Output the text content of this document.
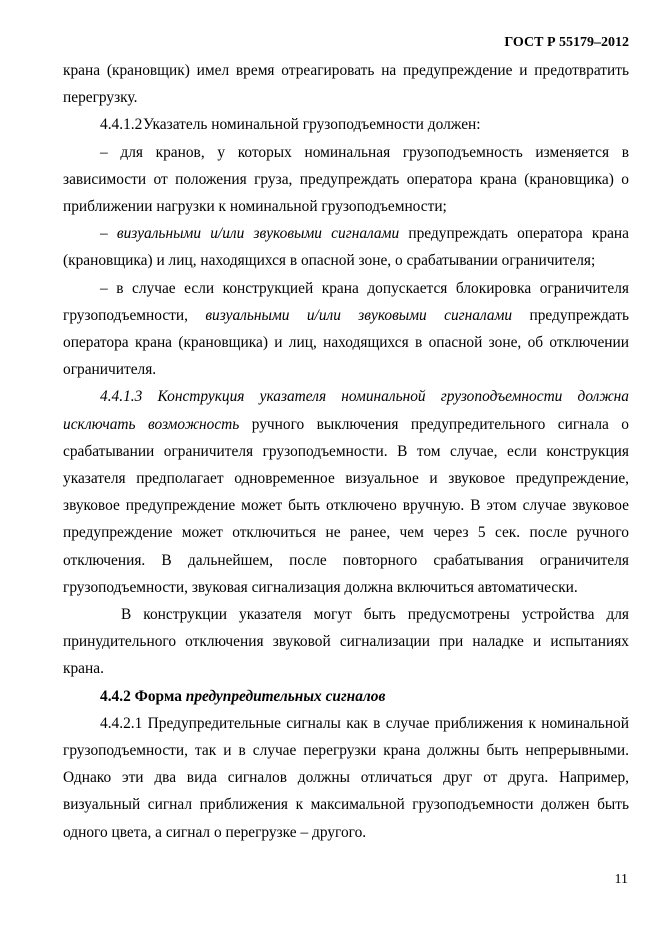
ГОСТ Р 55179–2012

крана (крановщик) имел время отреагировать на предупреждение и предотвратить перегрузку.

4.4.1.2Указатель номинальной грузоподъемности должен:

– для кранов, у которых номинальная грузоподъемность изменяется в зависимости от положения груза, предупреждать оператора крана (крановщика) о приближении нагрузки к номинальной грузоподъемности;

– визуальными и/или звуковыми сигналами предупреждать оператора крана (крановщика) и лиц, находящихся в опасной зоне, о срабатывании ограничителя;

– в случае если конструкцией крана допускается блокировка ограничителя грузоподъемности, визуальными и/или звуковыми сигналами предупреждать оператора крана (крановщика) и лиц, находящихся в опасной зоне, об отключении ограничителя.

4.4.1.3 Конструкция указателя номинальной грузоподъемности должна исключать возможность ручного выключения предупредительного сигнала о срабатывании ограничителя грузоподъемности. В том случае, если конструкция указателя предполагает одновременное визуальное и звуковое предупреждение, звуковое предупреждение может быть отключено вручную. В этом случае звуковое предупреждение может отключиться не ранее, чем через 5 сек. после ручного отключения. В дальнейшем, после повторного срабатывания ограничителя грузоподъемности, звуковая сигнализация должна включиться автоматически.

В конструкции указателя могут быть предусмотрены устройства для принудительного отключения звуковой сигнализации при наладке и испытаниях крана.

4.4.2 Форма предупредительных сигналов

4.4.2.1 Предупредительные сигналы как в случае приближения к номинальной грузоподъемности, так и в случае перегрузки крана должны быть непрерывными. Однако эти два вида сигналов должны отличаться друг от друга. Например, визуальный сигнал приближения к максимальной грузоподъемности должен быть одного цвета, а сигнал о перегрузке – другого.

11
